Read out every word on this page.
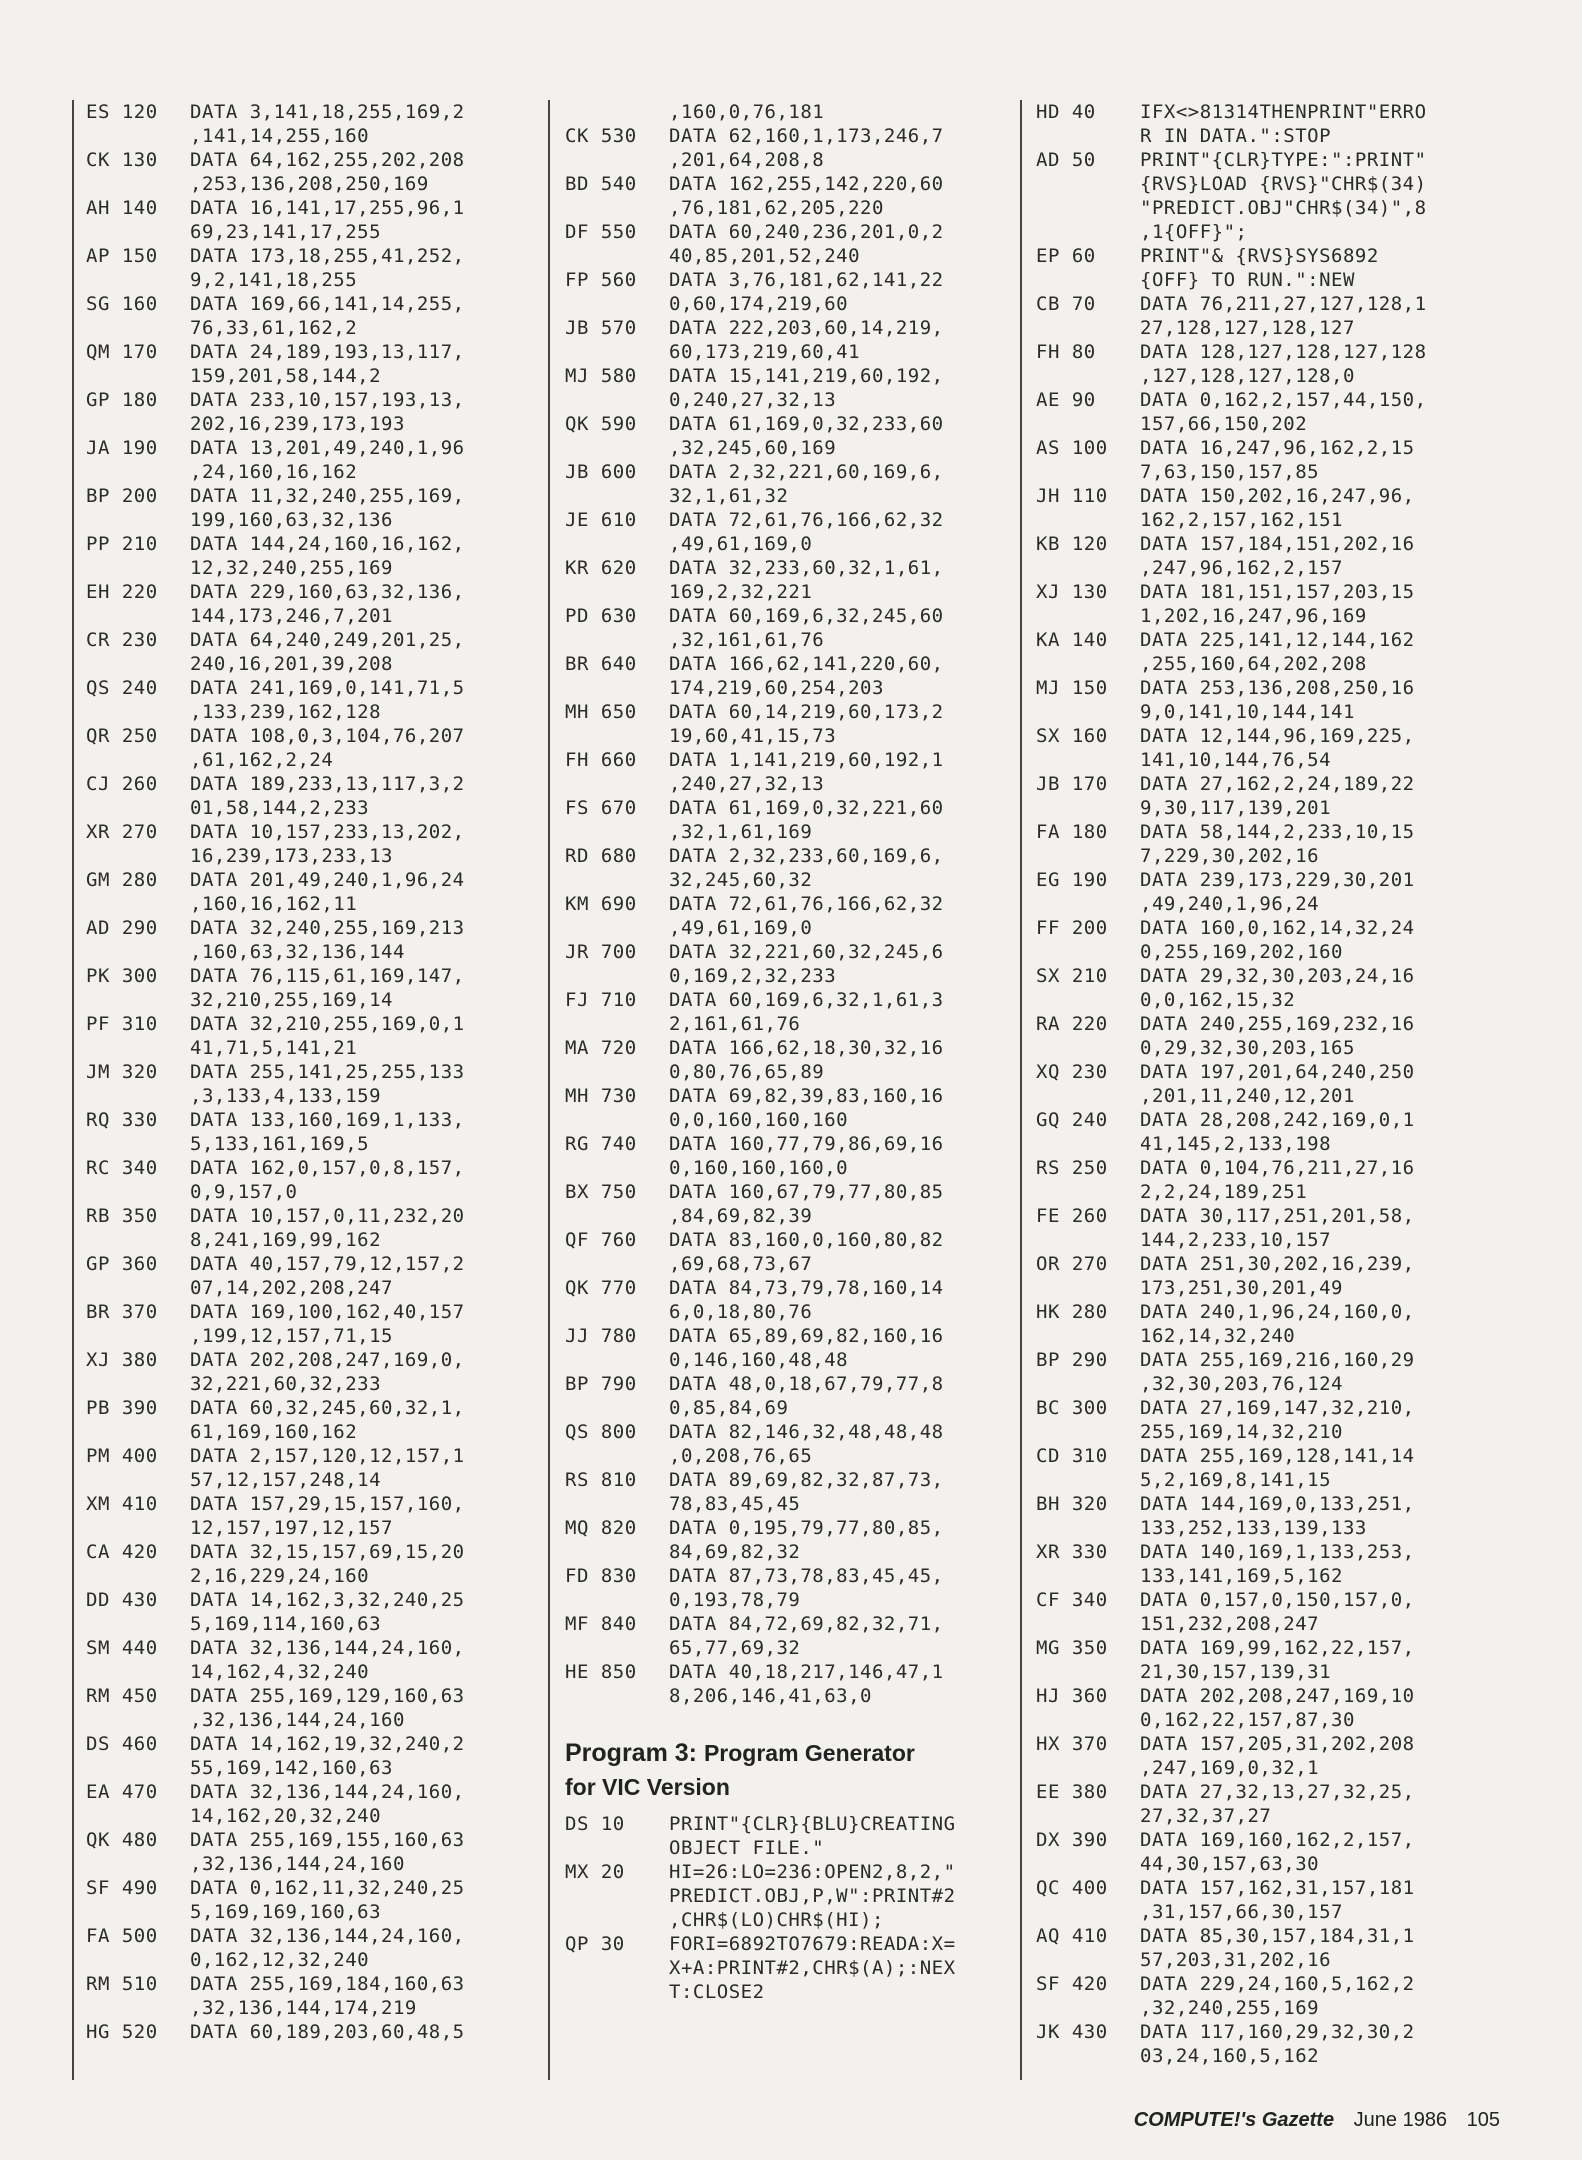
ES 120 DATA 3,141,18,255,169,2
,141,14,255,160
CK 130 DATA 64,162,255,202,208
,253,136,208,250,169
AH 140 DATA 16,141,17,255,96,1
69,23,141,17,255
AP 150 DATA 173,18,255,41,252,
9,2,141,18,255
SG 160 DATA 169,66,141,14,255,
76,33,61,162,2
QM 170 DATA 24,189,193,13,117,
159,201,58,144,2
GP 180 DATA 233,10,157,193,13,
202,16,239,173,193
JA 190 DATA 13,201,49,240,1,96
,24,160,16,162
BP 200 DATA 11,32,240,255,169,
199,160,63,32,136
PP 210 DATA 144,24,160,16,162,
12,32,240,255,169
EH 220 DATA 229,160,63,32,136,
144,173,246,7,201
CR 230 DATA 64,240,249,201,25,
240,16,201,39,208
QS 240 DATA 241,169,0,141,71,5
,133,239,162,128
QR 250 DATA 108,0,3,104,76,207
,61,162,2,24
CJ 260 DATA 189,233,13,117,3,2
01,58,144,2,233
XR 270 DATA 10,157,233,13,202,
16,239,173,233,13
GM 280 DATA 201,49,240,1,96,24
,160,16,162,11
AD 290 DATA 32,240,255,169,213
,160,63,32,136,144
PK 300 DATA 76,115,61,169,147,
32,210,255,169,14
PF 310 DATA 32,210,255,169,0,1
41,71,5,141,21
JM 320 DATA 255,141,25,255,133
,3,133,4,133,159
RQ 330 DATA 133,160,169,1,133,
5,133,161,169,5
RC 340 DATA 162,0,157,0,8,157,
0,9,157,0
RB 350 DATA 10,157,0,11,232,20
8,241,169,99,162
GP 360 DATA 40,157,79,12,157,2
07,14,202,208,247
BR 370 DATA 169,100,162,40,157
,199,12,157,71,15
XJ 380 DATA 202,208,247,169,0,
32,221,60,32,233
PB 390 DATA 60,32,245,60,32,1,
61,169,160,162
PM 400 DATA 2,157,120,12,157,1
57,12,157,248,14
XM 410 DATA 157,29,15,157,160,
12,157,197,12,157
CA 420 DATA 32,15,157,69,15,20
2,16,229,24,160
DD 430 DATA 14,162,3,32,240,25
5,169,114,160,63
SM 440 DATA 32,136,144,24,160,
14,162,4,32,240
RM 450 DATA 255,169,129,160,63
,32,136,144,24,160
DS 460 DATA 14,162,19,32,240,2
55,169,142,160,63
EA 470 DATA 32,136,144,24,160,
14,162,20,32,240
QK 480 DATA 255,169,155,160,63
,32,136,144,24,160
SF 490 DATA 0,162,11,32,240,25
5,169,169,160,63
FA 500 DATA 32,136,144,24,160,
0,162,12,32,240
RM 510 DATA 255,169,184,160,63
,32,136,144,174,219
HG 520 DATA 60,189,203,60,48,5
,160,0,76,181
CK 530 DATA 62,160,1,173,246,7
,201,64,208,8
BD 540 DATA 162,255,142,220,60
,76,181,62,205,220
DF 550 DATA 60,240,236,201,0,2
40,85,201,52,240
FP 560 DATA 3,76,181,62,141,22
0,60,174,219,60
JB 570 DATA 222,203,60,14,219,
60,173,219,60,41
MJ 580 DATA 15,141,219,60,192,
0,240,27,32,13
QK 590 DATA 61,169,0,32,233,60
,32,245,60,169
JB 600 DATA 2,32,221,60,169,6,
32,1,61,32
JE 610 DATA 72,61,76,166,62,32
,49,61,169,0
KR 620 DATA 32,233,60,32,1,61,
169,2,32,221
PD 630 DATA 60,169,6,32,245,60
,32,161,61,76
BR 640 DATA 166,62,141,220,60,
174,219,60,254,203
MH 650 DATA 60,14,219,60,173,2
19,60,41,15,73
FH 660 DATA 1,141,219,60,192,1
,240,27,32,13
FS 670 DATA 61,169,0,32,221,60
,32,1,61,169
RD 680 DATA 2,32,233,60,169,6,
32,245,60,32
KM 690 DATA 72,61,76,166,62,32
,49,61,169,0
JR 700 DATA 32,221,60,32,245,6
0,169,2,32,233
FJ 710 DATA 60,169,6,32,1,61,3
2,161,61,76
MA 720 DATA 166,62,18,30,32,16
0,80,76,65,89
MH 730 DATA 69,82,39,83,160,16
0,0,160,160,160
RG 740 DATA 160,77,79,86,69,16
0,160,160,160,0
BX 750 DATA 160,67,79,77,80,85
,84,69,82,39
QF 760 DATA 83,160,0,160,80,82
,69,68,73,67
QK 770 DATA 84,73,79,78,160,14
6,0,18,80,76
JJ 780 DATA 65,89,69,82,160,16
0,146,160,48,48
BP 790 DATA 48,0,18,67,79,77,8
0,85,84,69
QS 800 DATA 82,146,32,48,48,48
,0,208,76,65
RS 810 DATA 89,69,82,32,87,73,
78,83,45,45
MQ 820 DATA 0,195,79,77,80,85,
84,69,82,32
FD 830 DATA 87,73,78,83,45,45,
0,193,78,79
MF 840 DATA 84,72,69,82,32,71,
65,77,69,32
HE 850 DATA 40,18,217,146,47,1
8,206,146,41,63,0
Program 3: Program Generator
for VIC Version
DS 10 PRINT"{CLR}{BLU}CREATING
OBJECT FILE."
MX 20 HI=26:LO=236:OPEN2,8,2,"
PREDICT.OBJ,P,W":PRINT#2
,CHR$(LO)CHR$(HI);
QP 30 FORI=6892TO7679:READA:X=
X+A:PRINT#2,CHR$(A);:NEX
T:CLOSE2
HD 40 IFX<>81314THENPRINT"ERRO
R IN DATA.":STOP
AD 50 PRINT"{CLR}TYPE:":PRINT"
{RVS}LOAD {RVS}"CHR$(34)
"PREDICT.OBJ"CHR$(34)",8
,1{OFF}";
EP 60 PRINT"& {RVS}SYS6892
{OFF} TO RUN.":NEW
CB 70 DATA 76,211,27,127,128,1
27,128,127,128,127
FH 80 DATA 128,127,128,127,128
,127,128,127,128,0
AE 90 DATA 0,162,2,157,44,150,
157,66,150,202
AS 100 DATA 16,247,96,162,2,15
7,63,150,157,85
JH 110 DATA 150,202,16,247,96,
162,2,157,162,151
KB 120 DATA 157,184,151,202,16
,247,96,162,2,157
XJ 130 DATA 181,151,157,203,15
1,202,16,247,96,169
KA 140 DATA 225,141,12,144,162
,255,160,64,202,208
MJ 150 DATA 253,136,208,250,16
9,0,141,10,144,141
SX 160 DATA 12,144,96,169,225,
141,10,144,76,54
JB 170 DATA 27,162,2,24,189,22
9,30,117,139,201
FA 180 DATA 58,144,2,233,10,15
7,229,30,202,16
EG 190 DATA 239,173,229,30,201
,49,240,1,96,24
FF 200 DATA 160,0,162,14,32,24
0,255,169,202,160
SX 210 DATA 29,32,30,203,24,16
0,0,162,15,32
RA 220 DATA 240,255,169,232,16
0,29,32,30,203,165
XQ 230 DATA 197,201,64,240,250
,201,11,240,12,201
GQ 240 DATA 28,208,242,169,0,1
41,145,2,133,198
RS 250 DATA 0,104,76,211,27,16
2,2,24,189,251
FE 260 DATA 30,117,251,201,58,
144,2,233,10,157
OR 270 DATA 251,30,202,16,239,
173,251,30,201,49
HK 280 DATA 240,1,96,24,160,0,
162,14,32,240
BP 290 DATA 255,169,216,160,29
,32,30,203,76,124
BC 300 DATA 27,169,147,32,210,
255,169,14,32,210
CD 310 DATA 255,169,128,141,14
5,2,169,8,141,15
BH 320 DATA 144,169,0,133,251,
133,252,133,139,133
XR 330 DATA 140,169,1,133,253,
133,141,169,5,162
CF 340 DATA 0,157,0,150,157,0,
151,232,208,247
MG 350 DATA 169,99,162,22,157,
21,30,157,139,31
HJ 360 DATA 202,208,247,169,10
0,162,22,157,87,30
HX 370 DATA 157,205,31,202,208
,247,169,0,32,1
EE 380 DATA 27,32,13,27,32,25,
27,32,37,27
DX 390 DATA 169,160,162,2,157,
44,30,157,63,30
QC 400 DATA 157,162,31,157,181
,31,157,66,30,157
AQ 410 DATA 85,30,157,184,31,1
57,203,31,202,16
SF 420 DATA 229,24,160,5,162,2
,32,240,255,169
JK 430 DATA 117,160,29,32,30,2
03,24,160,5,162
COMPUTE!'s Gazette June 1986 105
